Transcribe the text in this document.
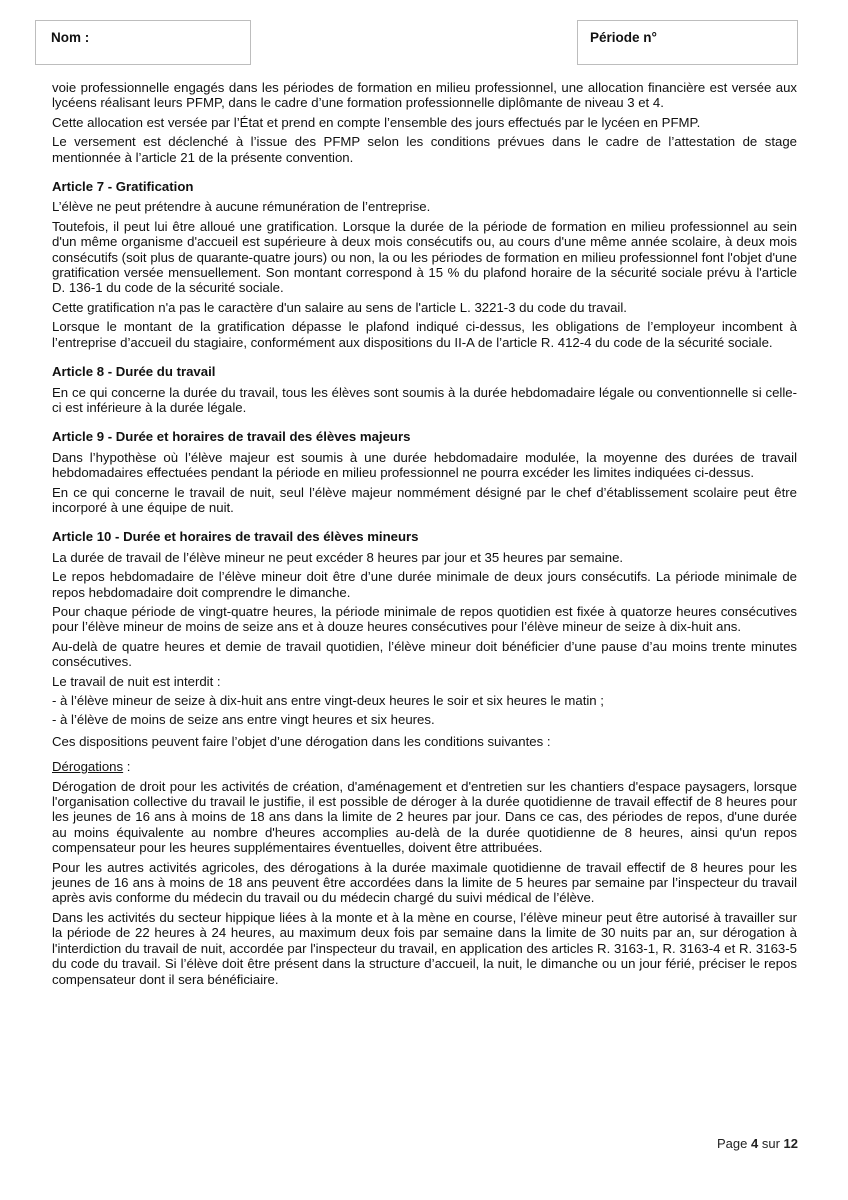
Nom :	Période n°

voie professionnelle engagés dans les périodes de formation en milieu professionnel, une allocation financière est versée aux lycéens réalisant leurs PFMP, dans le cadre d’une formation professionnelle diplômante de niveau 3 et 4.

Cette allocation est versée par l’État et prend en compte l’ensemble des jours effectués par le lycéen en PFMP.

Le versement est déclenché à l’issue des PFMP selon les conditions prévues dans le cadre de l’attestation de stage mentionnée à l’article 21 de la présente convention.

Article 7 - Gratification

L’élève ne peut prétendre à aucune rémunération de l’entreprise.

Toutefois, il peut lui être alloué une gratification. Lorsque la durée de la période de formation en milieu professionnel au sein d'un même organisme d'accueil est supérieure à deux mois consécutifs ou, au cours d'une même année scolaire, à deux mois consécutifs (soit plus de quarante-quatre jours) ou non, la ou les périodes de formation en milieu professionnel font l'objet d'une gratification versée mensuellement. Son montant correspond à 15 % du plafond horaire de la sécurité sociale prévu à l'article D. 136-1 du code de la sécurité sociale.

Cette gratification n'a pas le caractère d'un salaire au sens de l'article L. 3221-3 du code du travail.

Lorsque le montant de la gratification dépasse le plafond indiqué ci-dessus, les obligations de l’employeur incombent à l’entreprise d’accueil du stagiaire, conformément aux dispositions du II-A de l’article R. 412-4 du code de la sécurité sociale.

Article 8 - Durée du travail

En ce qui concerne la durée du travail, tous les élèves sont soumis à la durée hebdomadaire légale ou conventionnelle si celle-ci est inférieure à la durée légale.

Article 9 - Durée et horaires de travail des élèves majeurs

Dans l’hypothèse où l’élève majeur est soumis à une durée hebdomadaire modulée, la moyenne des durées de travail hebdomadaires effectuées pendant la période en milieu professionnel ne pourra excéder les limites indiquées ci-dessus.

En ce qui concerne le travail de nuit, seul l’élève majeur nommément désigné par le chef d’établissement scolaire peut être incorporé à une équipe de nuit.

Article 10 - Durée et horaires de travail des élèves mineurs

La durée de travail de l’élève mineur ne peut excéder 8 heures par jour et 35 heures par semaine.

Le repos hebdomadaire de l’élève mineur doit être d’une durée minimale de deux jours consécutifs. La période minimale de repos hebdomadaire doit comprendre le dimanche.

Pour chaque période de vingt-quatre heures, la période minimale de repos quotidien est fixée à quatorze heures consécutives pour l’élève mineur de moins de seize ans et à douze heures consécutives pour l’élève mineur de seize à dix-huit ans.

Au-delà de quatre heures et demie de travail quotidien, l’élève mineur doit bénéficier d’une pause d’au moins trente minutes consécutives.

Le travail de nuit est interdit :

- à l’élève mineur de seize à dix-huit ans entre vingt-deux heures le soir et six heures le matin ;

- à l’élève de moins de seize ans entre vingt heures et six heures.

Ces dispositions peuvent faire l’objet d’une dérogation dans les conditions suivantes :

Dérogations :

Dérogation de droit pour les activités de création, d'aménagement et d'entretien sur les chantiers d'espace paysagers, lorsque l'organisation collective du travail le justifie, il est possible de déroger à la durée quotidienne de travail effectif de 8 heures pour les jeunes de 16 ans à moins de 18 ans dans la limite de 2 heures par jour. Dans ce cas, des périodes de repos, d'une durée au moins équivalente au nombre d'heures accomplies au-delà de la durée quotidienne de 8 heures, ainsi qu'un repos compensateur pour les heures supplémentaires éventuelles, doivent être attribuées.

Pour les autres activités agricoles, des dérogations à la durée maximale quotidienne de travail effectif de 8 heures pour les jeunes de 16 ans à moins de 18 ans peuvent être accordées dans la limite de 5 heures par semaine par l’inspecteur du travail après avis conforme du médecin du travail ou du médecin chargé du suivi médical de l’élève.

Dans les activités du secteur hippique liées à la monte et à la mène en course, l’élève mineur peut être autorisé à travailler sur la période de 22 heures à 24 heures, au maximum deux fois par semaine dans la limite de 30 nuits par an, sur dérogation à l'interdiction du travail de nuit, accordée par l'inspecteur du travail, en application des articles R. 3163-1, R. 3163-4 et R. 3163-5 du code du travail. Si l’élève doit être présent dans la structure d’accueil, la nuit, le dimanche ou un jour férié, préciser le repos compensateur dont il sera bénéficiaire.

Page 4 sur 12
